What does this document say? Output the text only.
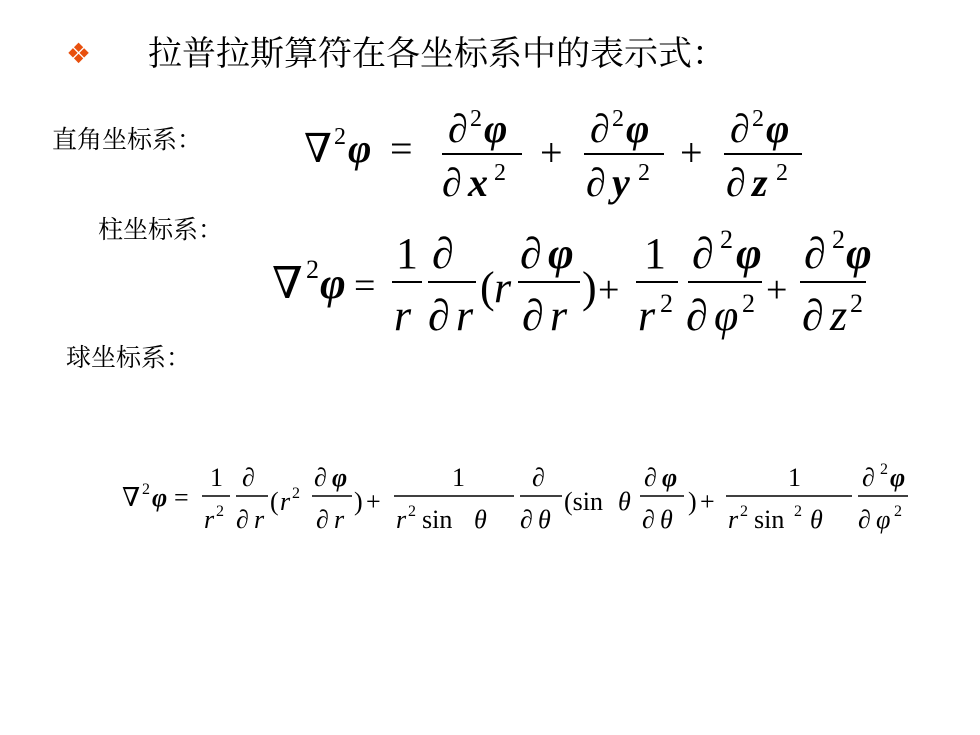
❖ 拉普拉斯算符在各坐标系中的表示式：
直角坐标系：
柱坐标系：
球坐标系：
∇ 2 φ = ∂ 2 φ
∂ x 2 +
∂ 2 φ
∂ y 2 +
∂ 2 φ
∂ z 2
∇ 2 φ =
1
r
∂
∂ r
( r
∂ φ
∂ r
) +
1
r 2
∂ 2 φ
∂ φ 2 +
∂ 2 φ
∂ z 2
∇ 2 φ =
1
r 2
∂
∂ r
( r 2
∂ φ
∂ r
) +
1
r 2 sin θ
∂
∂ θ
(sin θ
∂ φ
∂ θ
) +
1
r 2 sin 2 θ
∂ 2 φ
∂ φ 2
